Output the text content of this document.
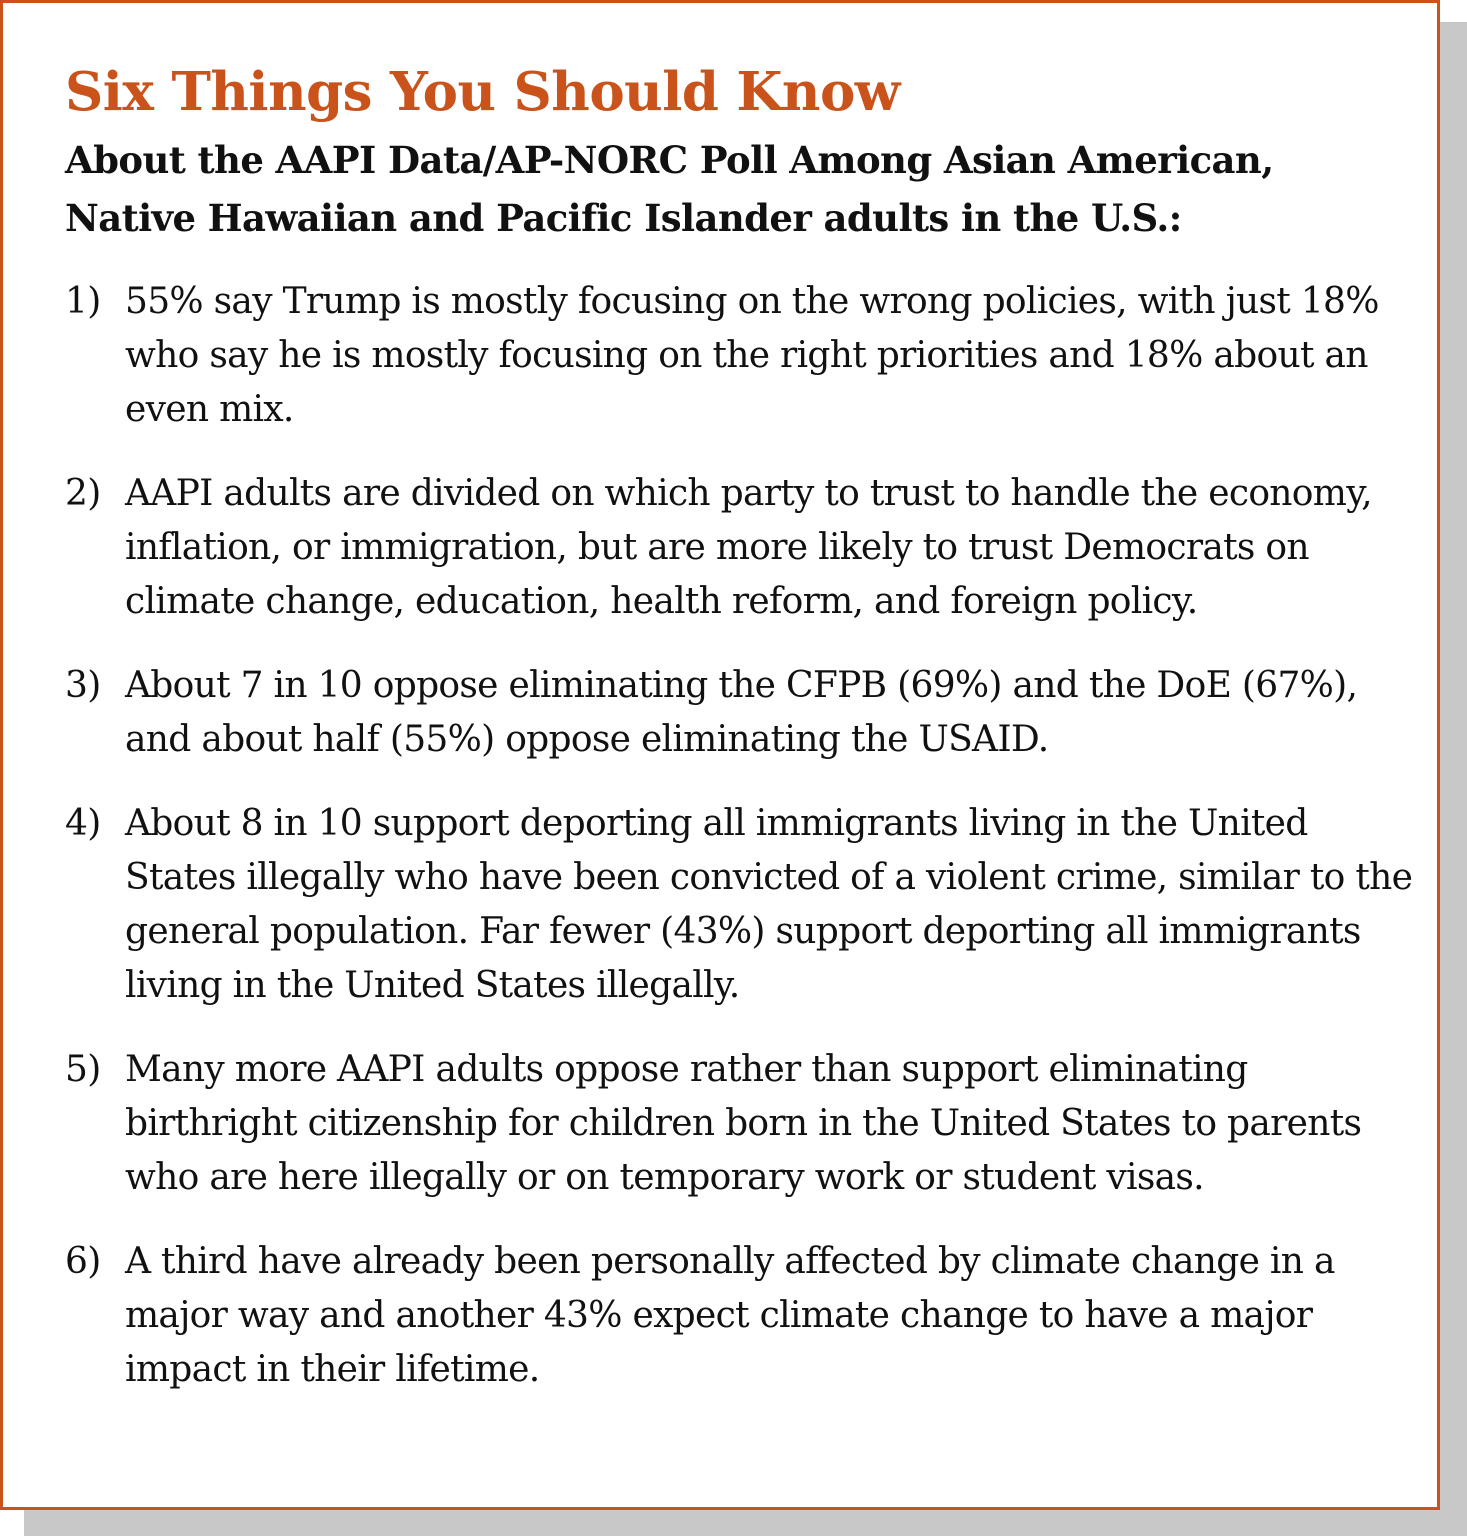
Six Things You Should Know
About the AAPI Data/AP-NORC Poll Among Asian American, Native Hawaiian and Pacific Islander adults in the U.S.:
1) 55% say Trump is mostly focusing on the wrong policies, with just 18% who say he is mostly focusing on the right priorities and 18% about an even mix.
2) AAPI adults are divided on which party to trust to handle the economy, inflation, or immigration, but are more likely to trust Democrats on climate change, education, health reform, and foreign policy.
3) About 7 in 10 oppose eliminating the CFPB (69%) and the DoE (67%), and about half (55%) oppose eliminating the USAID.
4) About 8 in 10 support deporting all immigrants living in the United States illegally who have been convicted of a violent crime, similar to the general population. Far fewer (43%) support deporting all immigrants living in the United States illegally.
5) Many more AAPI adults oppose rather than support eliminating birthright citizenship for children born in the United States to parents who are here illegally or on temporary work or student visas.
6) A third have already been personally affected by climate change in a major way and another 43% expect climate change to have a major impact in their lifetime.
